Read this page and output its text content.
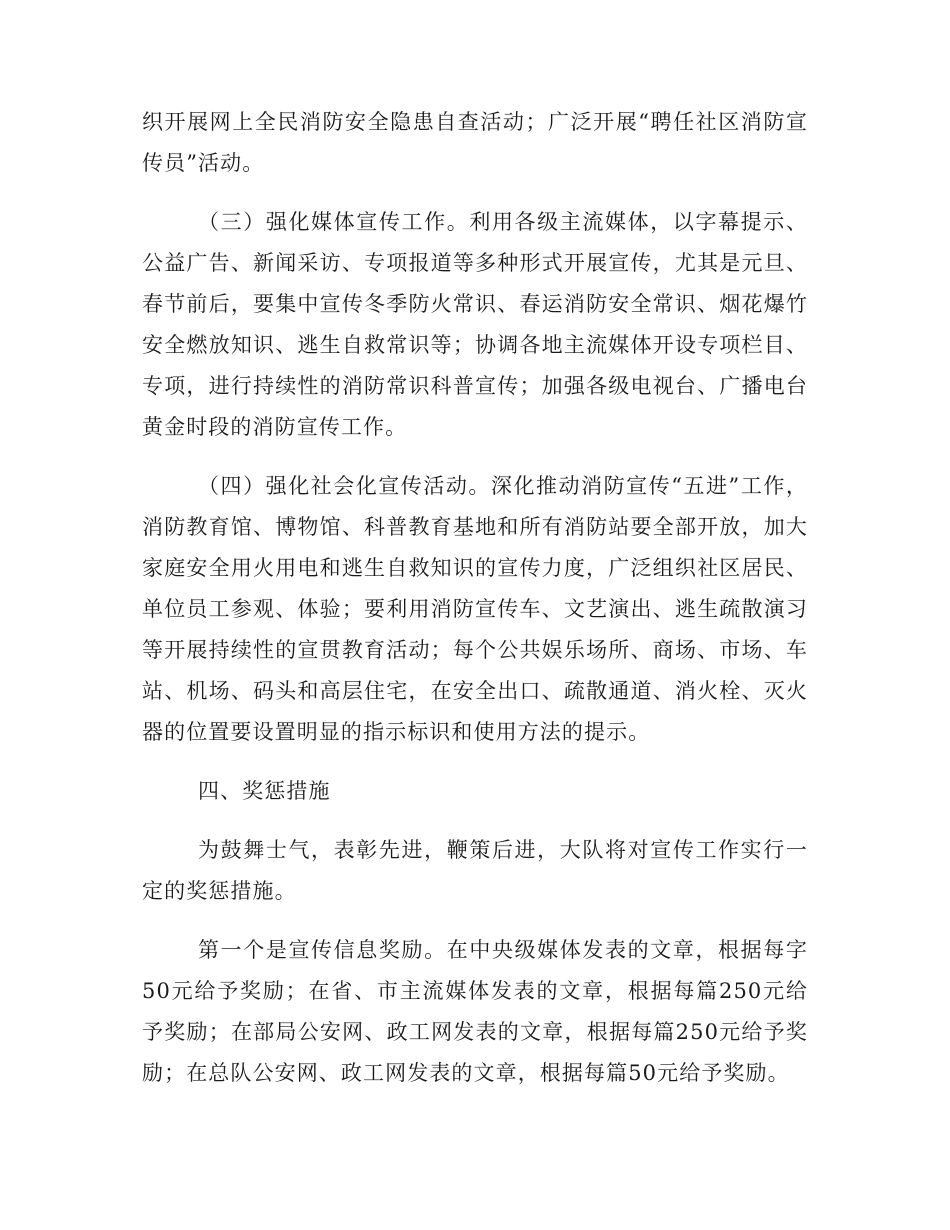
织开展网上全民消防安全隐患自查活动；广泛开展“聘任社区消防宣传员”活动。

（三）强化媒体宣传工作。利用各级主流媒体，以字幕提示、公益广告、新闻采访、专项报道等多种形式开展宣传，尤其是元旦、春节前后，要集中宣传冬季防火常识、春运消防安全常识、烟花爆竹安全燃放知识、逃生自救常识等；协调各地主流媒体开设专项栏目、专项，进行持续性的消防常识科普宣传；加强各级电视台、广播电台黄金时段的消防宣传工作。

（四）强化社会化宣传活动。深化推动消防宣传“五进”工作，消防教育馆、博物馆、科普教育基地和所有消防站要全部开放，加大家庭安全用火用电和逃生自救知识的宣传力度，广泛组织社区居民、单位员工参观、体验；要利用消防宣传车、文艺演出、逃生疏散演习等开展持续性的宣贯教育活动；每个公共娱乐场所、商场、市场、车站、机场、码头和高层住宅，在安全出口、疏散通道、消火栓、灭火器的位置要设置明显的指示标识和使用方法的提示。

四、奖惩措施

为鼓舞士气，表彰先进，鞭策后进，大队将对宣传工作实行一定的奖惩措施。

第一个是宣传信息奖励。在中央级媒体发表的文章，根据每字50元给予奖励；在省、市主流媒体发表的文章，根据每篇250元给予奖励；在部局公安网、政工网发表的文章，根据每篇250元给予奖励；在总队公安网、政工网发表的文章，根据每篇50元给予奖励。
